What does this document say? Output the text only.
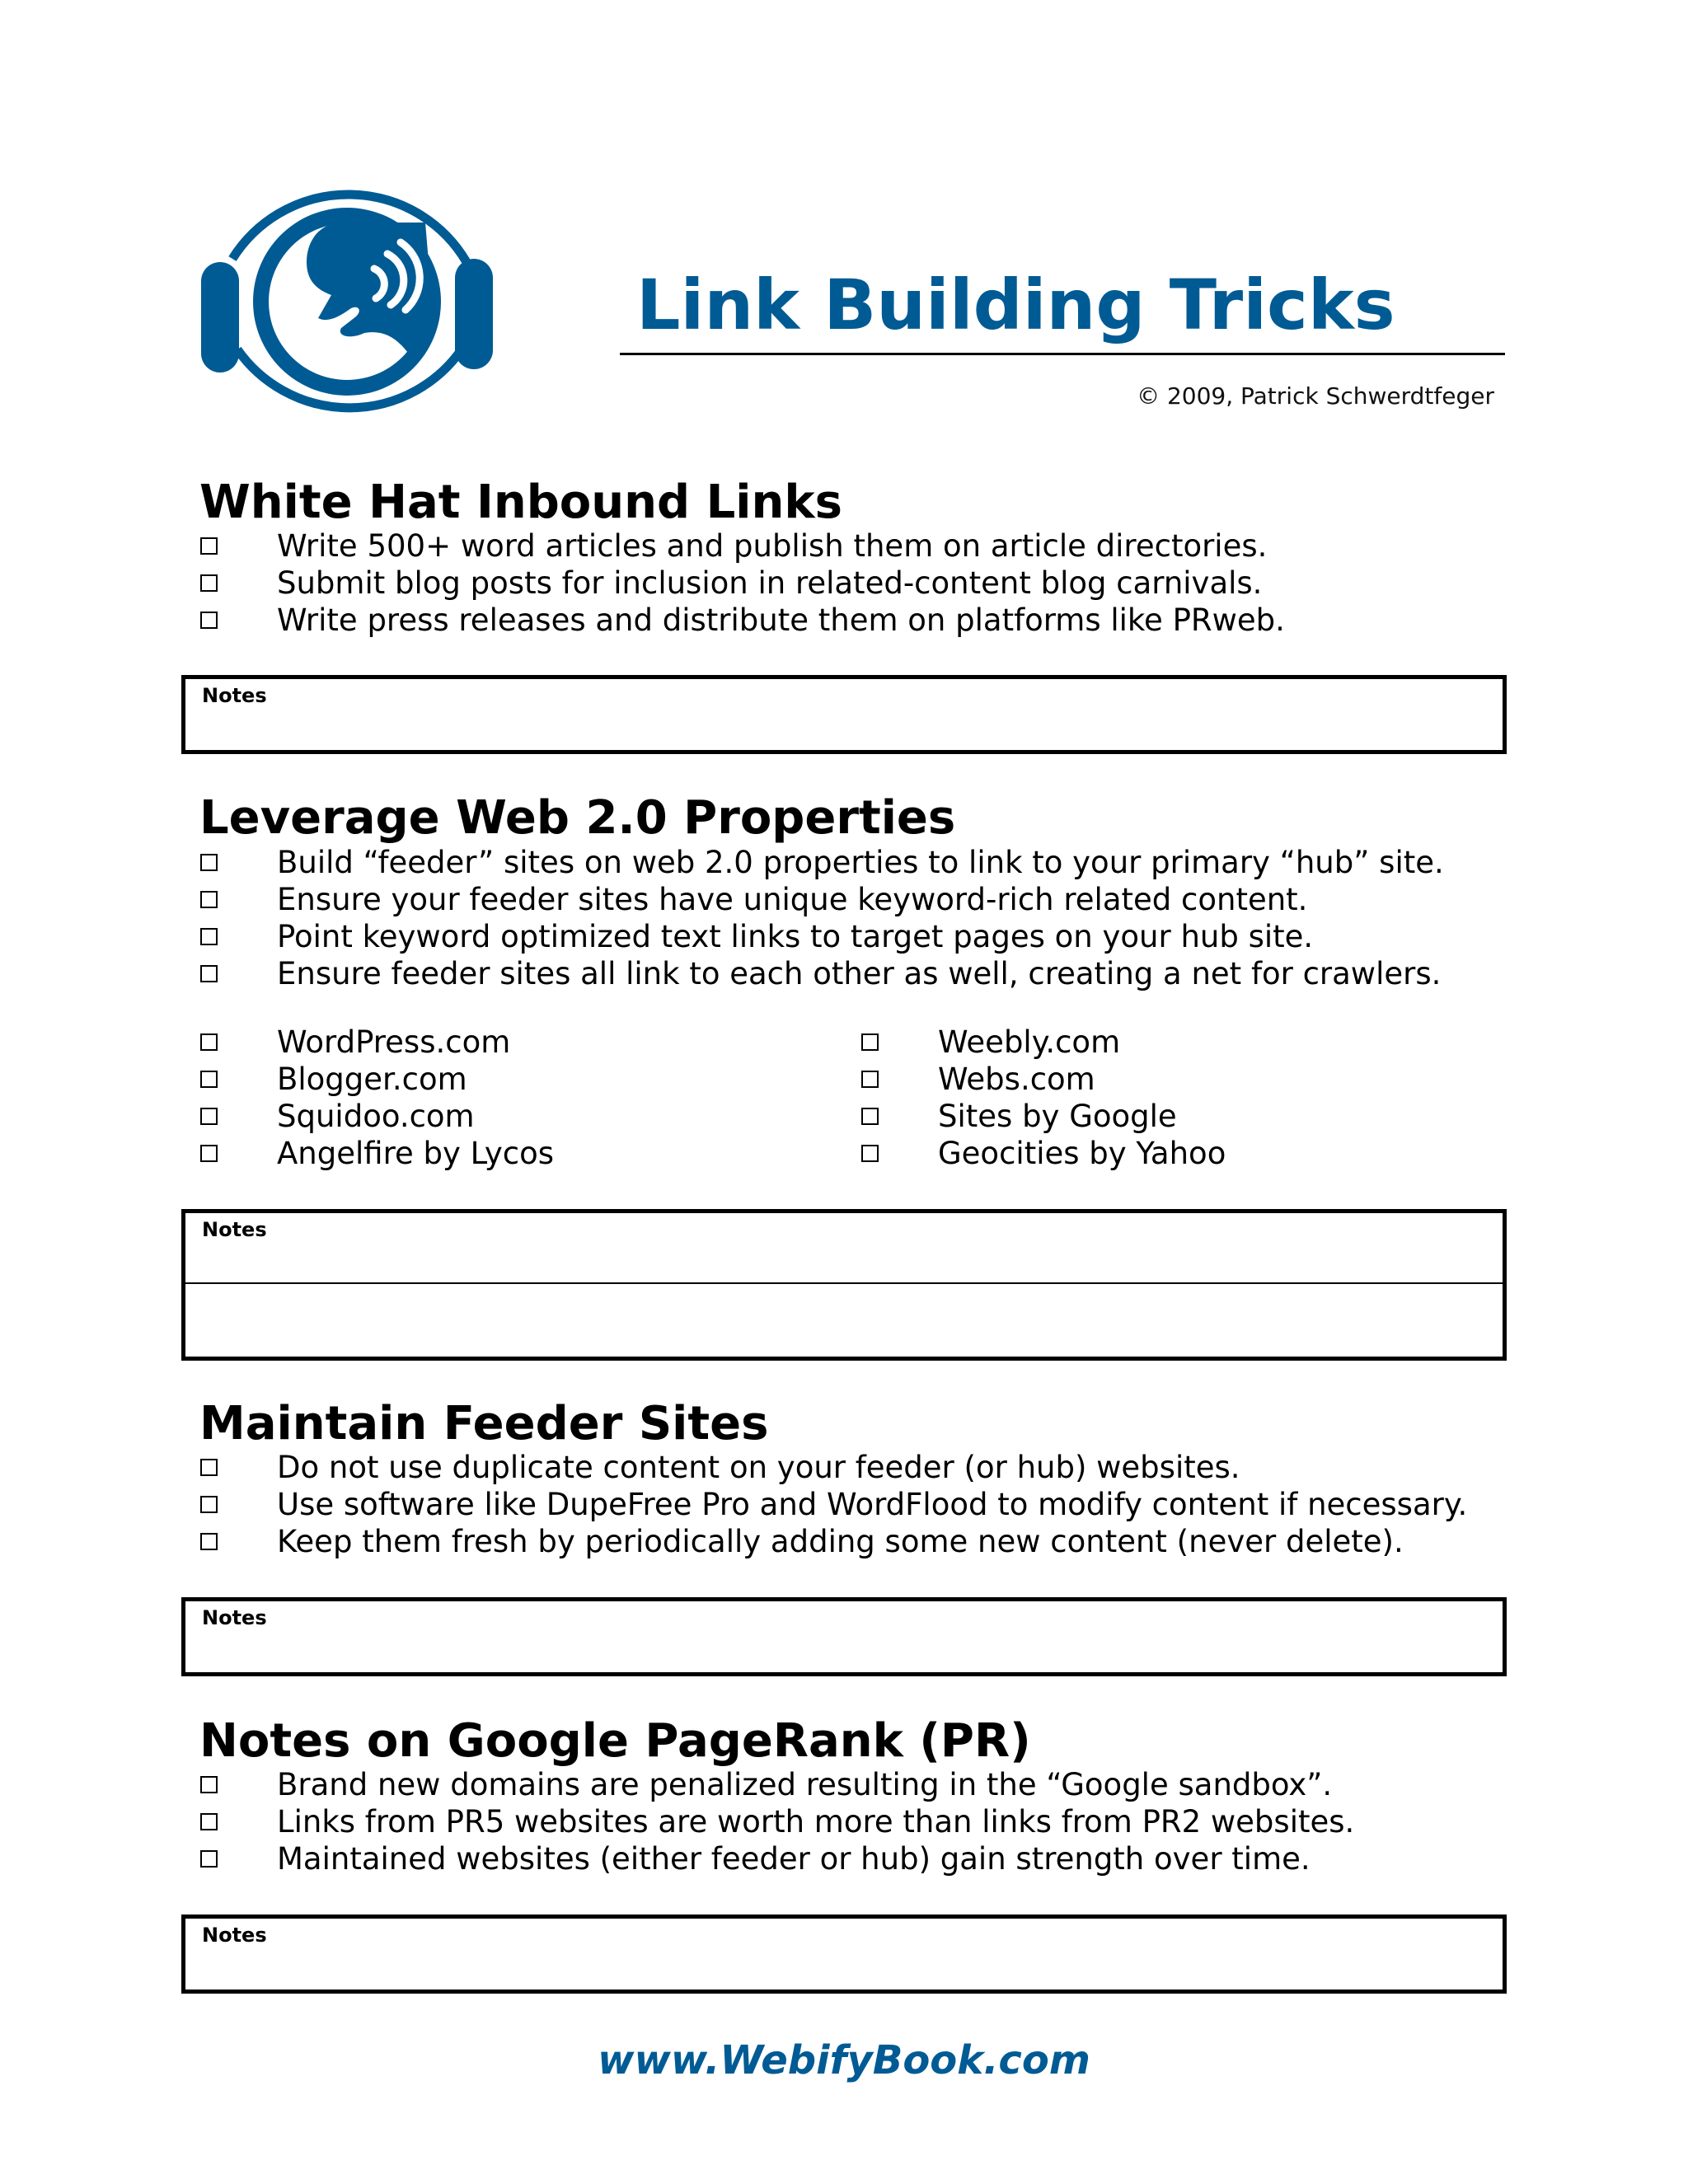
Link Building Tricks
© 2009, Patrick Schwerdtfeger
White Hat Inbound Links
Write 500+ word articles and publish them on article directories.
Submit blog posts for inclusion in related-content blog carnivals.
Write press releases and distribute them on platforms like PRweb.
Notes
Leverage Web 2.0 Properties
Build “feeder” sites on web 2.0 properties to link to your primary “hub” site.
Ensure your feeder sites have unique keyword-rich related content.
Point keyword optimized text links to target pages on your hub site.
Ensure feeder sites all link to each other as well, creating a net for crawlers.
WordPress.com
Blogger.com
Squidoo.com
Angelfire by Lycos
Weebly.com
Webs.com
Sites by Google
Geocities by Yahoo
Notes
Maintain Feeder Sites
Do not use duplicate content on your feeder (or hub) websites.
Use software like DupeFree Pro and WordFlood to modify content if necessary.
Keep them fresh by periodically adding some new content (never delete).
Notes
Notes on Google PageRank (PR)
Brand new domains are penalized resulting in the “Google sandbox”.
Links from PR5 websites are worth more than links from PR2 websites.
Maintained websites (either feeder or hub) gain strength over time.
Notes
www.WebifyBook.com
